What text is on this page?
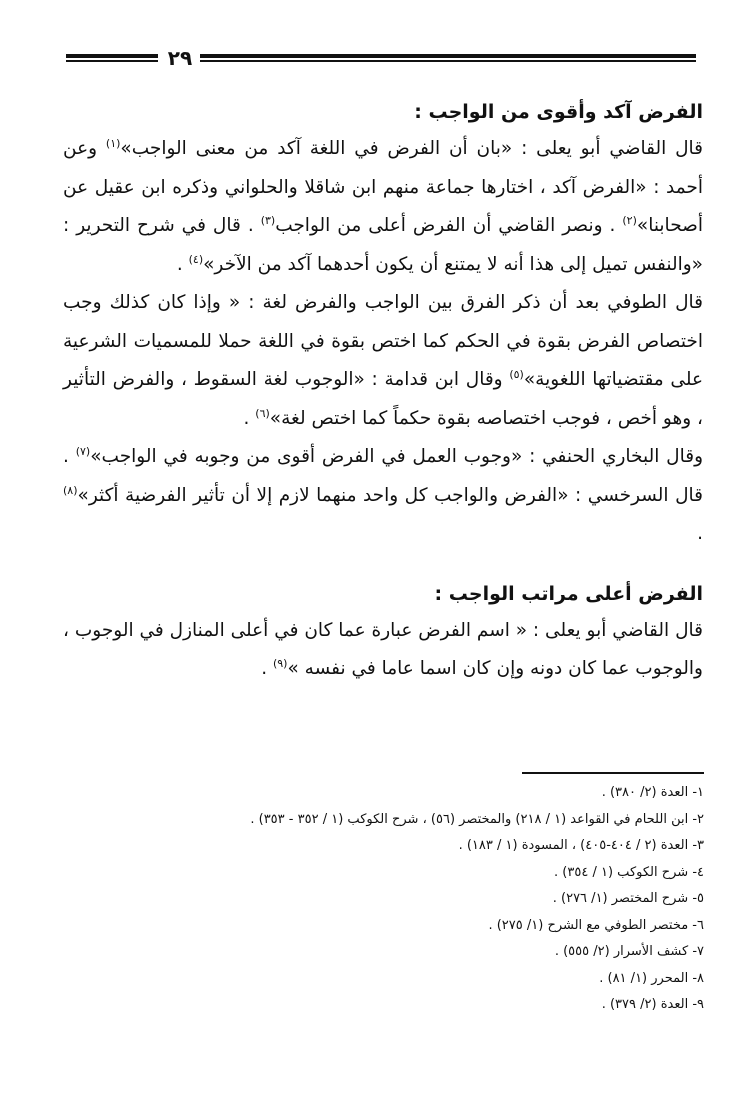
٢٩
الفرض آكد وأقوى من الواجب :

قال القاضي أبو يعلى : «بان أن الفرض في اللغة آكد من معنى الواجب»$^{(١)}$ وعن أحمد : «الفرض آكد ، اختارها جماعة منهم ابن شاقلا والحلواني وذكره ابن عقيل عن أصحابنا»$^{(٢)}$ . ونصر القاضي أن الفرض أعلى من الواجب$^{(٣)}$ . قال في شرح التحرير : «والنفس تميل إلى هذا أنه لا يمتنع أن يكون أحدهما آكد من الآخر»$^{(٤)}$ .

قال الطوفي بعد أن ذكر الفرق بين الواجب والفرض لغة : « وإذا كان كذلك وجب اختصاص الفرض بقوة في الحكم كما اختص بقوة في اللغة حملا للمسميات الشرعية على مقتضياتها اللغوية»$^{(٥)}$ وقال ابن قدامة : «الوجوب لغة السقوط ، والفرض التأثير ، وهو أخص ، فوجب اختصاصه بقوة حكماً كما اختص لغة»$^{(٦)}$ .

وقال البخاري الحنفي : «وجوب العمل في الفرض أقوى من وجوبه في الواجب»$^{(٧)}$ . قال السرخسي : «الفرض والواجب كل واحد منهما لازم إلا أن تأثير الفرضية أكثر»$^{(٨)}$ .

الفرض أعلى مراتب الواجب :

قال القاضي أبو يعلى : « اسم الفرض عبارة عما كان في أعلى المنازل في الوجوب ، والوجوب عما كان دونه وإن كان اسما عاما في نفسه »$^{(٩)}$ .

١- العدة (٢/ ٣٨٠) .
٢- ابن اللحام في القواعد (١ / ٢١٨) والمختصر (٥٦) ، شرح الكوكب (١ / ٣٥٢ - ٣٥٣) .
٣- العدة (٢ / ٤٠٤-٤٠٥) ، المسودة (١ / ١٨٣) .
٤- شرح الكوكب (١ / ٣٥٤) .
٥- شرح المختصر (١/ ٢٧٦) .
٦- مختصر الطوفي مع الشرح (١/ ٢٧٥) .
٧- كشف الأسرار (٢/ ٥٥٥) .
٨- المحرر (١/ ٨١) .
٩- العدة (٢/ ٣٧٩) .
